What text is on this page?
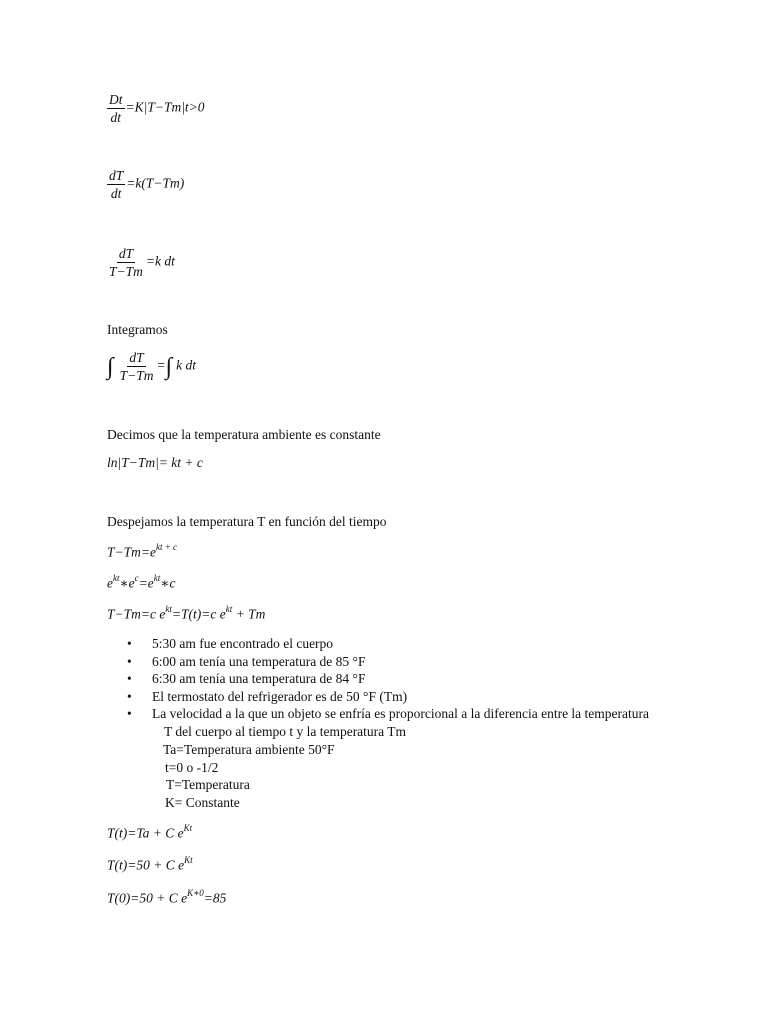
$\frac{Dt}{dt} =K|T-Tm|t>0$
$\frac{dT}{dt} =k(T-Tm)$
$\frac{dT}{T-Tm} =k$ dt
Integramos
∫ $\frac{dT}{T-Tm}$ =∫ k dt
Decimos que la temperatura ambiente es constante
ln|T−Tm|= kt + c
Despejamos la temperatura T en función del tiempo
$T-Tm=e^{kt + c}$
$e^{kt}∗e^c=e^{kt}∗c$
T−Tm=c $e^{kt}=T(t)=c$ $e^{kt} + Tm$
• 5:30 am fue encontrado el cuerpo
• 6:00 am tenía una temperatura de 85 °F
• 6:30 am tenía una temperatura de 84 °F
• El termostato del refrigerador es de 50 °F (Tm)
• La velocidad a la que un objeto se enfría es proporcional a la diferencia entre la temperatura
T del cuerpo al tiempo t y la temperatura Tm
Ta=Temperatura ambiente 50°F
t=0 o -1/2
T=Temperatura
K= Constante
T(t)=Ta + C $e^{Kt}$
T(t)=50 + C $e^{Kt}$
T(0)=50 + C $e^{K∗0}=85$
